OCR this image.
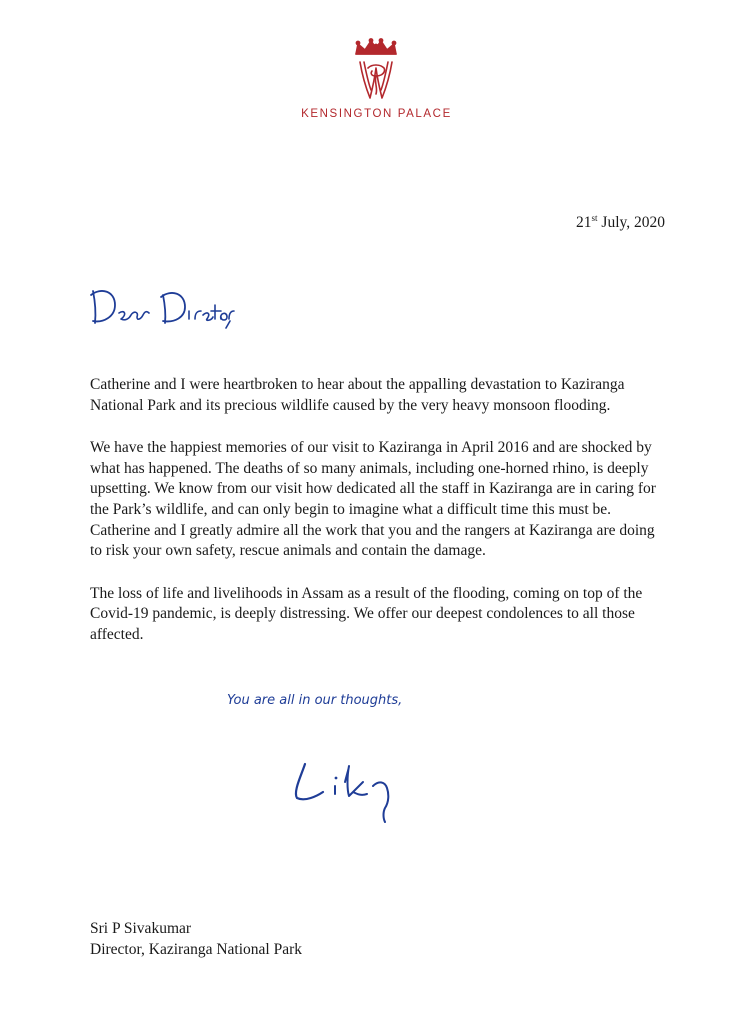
KENSINGTON PALACE
21st July, 2020

Catherine and I were heartbroken to hear about the appalling devastation to Kaziranga National Park and its precious wildlife caused by the very heavy monsoon flooding.

We have the happiest memories of our visit to Kaziranga in April 2016 and are shocked by what has happened. The deaths of so many animals, including one-horned rhino, is deeply upsetting. We know from our visit how dedicated all the staff in Kaziranga are in caring for the Park’s wildlife, and can only begin to imagine what a difficult time this must be. Catherine and I greatly admire all the work that you and the rangers at Kaziranga are doing to risk your own safety, rescue animals and contain the damage.

The loss of life and livelihoods in Assam as a result of the flooding, coming on top of the Covid-19 pandemic, is deeply distressing. We offer our deepest condolences to all those affected.

You are all in our thoughts,
Sri P Sivakumar
Director, Kaziranga National Park
